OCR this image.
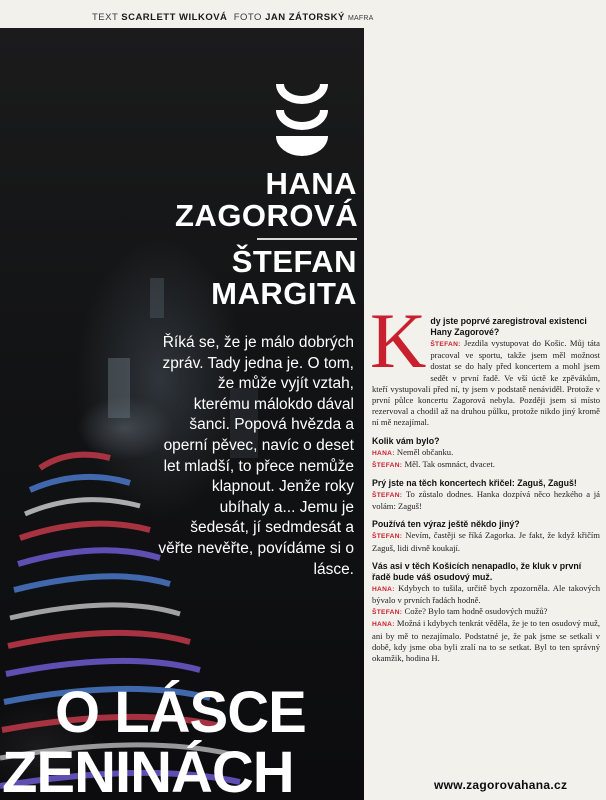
TEXT SCARLETT WILKOVÁ FOTO JAN ZÁTORSKÝ MAFRA
HANA
ZAGOROVÁ
ŠTEFAN
MARGITA
Říká se, že je málo dobrých zpráv. Tady jedna je. O tom, že může vyjít vztah, kterému málokdo dával šanci. Popová hvězda a operní pěvec, navíc o deset let mladší, to přece nemůže klapnout. Jenže roky ubíhaly a... Jemu je šedesát, jí sedmdesát a věřte nevěřte, povídáme si o lásce.
O LÁSCE
ZENINÁCH
K dy jste poprvé zaregistroval existenci Hany Zagorové?

ŠTEFAN: Jezdila vystupovat do Košic. Můj táta pracoval ve sportu, takže jsem měl možnost dostat se do haly před koncertem a mohl jsem sedět v první řadě. Ve vší úctě ke zpěvákům, kteří vystupovali před ní, ty jsem v podstatě nenáviděl. Protože v první půlce koncertu Zagorová nebyla. Později jsem si místo rezervoval a chodil až na druhou půlku, protože nikdo jiný kromě ní mě nezajímal.

Kolik vám bylo?

HANA: Neměl občanku.

ŠTEFAN: Měl. Tak osmnáct, dvacet.

Prý jste na těch koncertech křičel: Zaguš, Zaguš!

ŠTEFAN: To zůstalo dodnes. Hanka dozpívá něco hezkého a já volám: Zaguš!

Používá ten výraz ještě někdo jiný?

ŠTEFAN: Nevím, častěji se říká Zagorka. Je fakt, že když křičím Zaguš, lidi divně koukají.

Vás asi v těch Košicích nenapadlo, že kluk v první řadě bude váš osudový muž.

HANA: Kdybych to tušila, určitě bych zpozorněla. Ale takových bývalo v prvních řadách hodně.

ŠTEFAN: Cože? Bylo tam hodně osudových mužů?

HANA: Možná i kdybych tenkrát věděla, že je to ten osudový muž, ani by mě to nezajímalo. Podstatné je, že pak jsme se setkali v době, kdy jsme oba byli zralí na to se setkat. Byl to ten správný okamžik, hodina H.

www.zagorovahana.cz
